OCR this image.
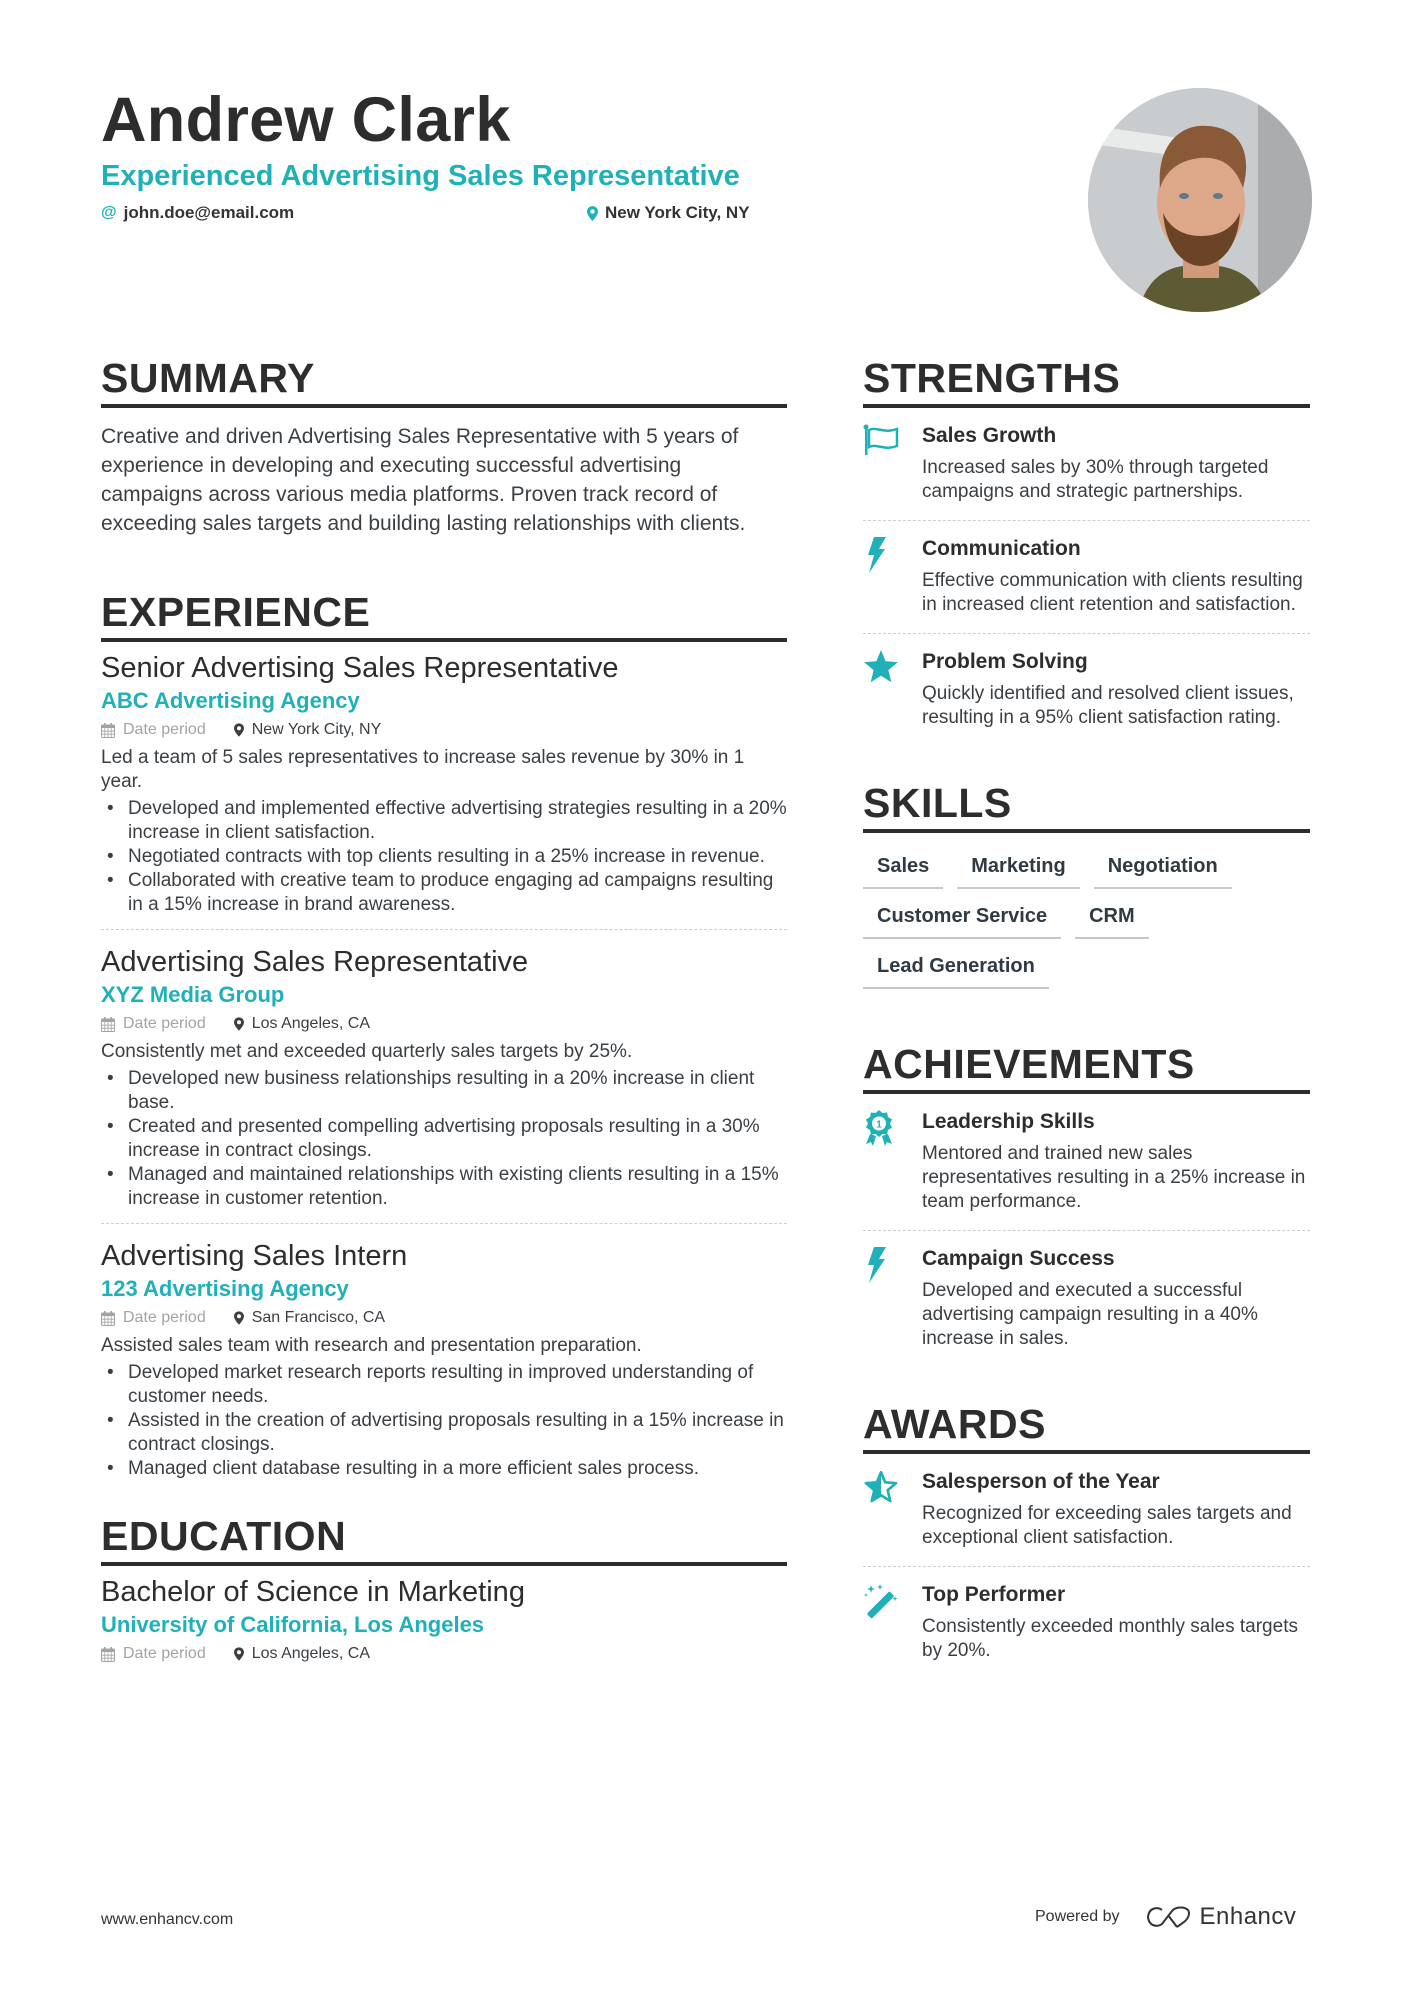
Andrew Clark
Experienced Advertising Sales Representative
@ john.doe@email.com	New York City, NY
SUMMARY
Creative and driven Advertising Sales Representative with 5 years of experience in developing and executing successful advertising campaigns across various media platforms. Proven track record of exceeding sales targets and building lasting relationships with clients.
EXPERIENCE
Senior Advertising Sales Representative
ABC Advertising Agency
Date period	New York City, NY
Led a team of 5 sales representatives to increase sales revenue by 30% in 1 year.
• Developed and implemented effective advertising strategies resulting in a 20% increase in client satisfaction.
• Negotiated contracts with top clients resulting in a 25% increase in revenue.
• Collaborated with creative team to produce engaging ad campaigns resulting in a 15% increase in brand awareness.
Advertising Sales Representative
XYZ Media Group
Date period	Los Angeles, CA
Consistently met and exceeded quarterly sales targets by 25%.
• Developed new business relationships resulting in a 20% increase in client base.
• Created and presented compelling advertising proposals resulting in a 30% increase in contract closings.
• Managed and maintained relationships with existing clients resulting in a 15% increase in customer retention.
Advertising Sales Intern
123 Advertising Agency
Date period	San Francisco, CA
Assisted sales team with research and presentation preparation.
• Developed market research reports resulting in improved understanding of customer needs.
• Assisted in the creation of advertising proposals resulting in a 15% increase in contract closings.
• Managed client database resulting in a more efficient sales process.
EDUCATION
Bachelor of Science in Marketing
University of California, Los Angeles
Date period	Los Angeles, CA
STRENGTHS
Sales Growth
Increased sales by 30% through targeted campaigns and strategic partnerships.
Communication
Effective communication with clients resulting in increased client retention and satisfaction.
Problem Solving
Quickly identified and resolved client issues, resulting in a 95% client satisfaction rating.
SKILLS
Sales	Marketing	Negotiation
Customer Service	CRM
Lead Generation
ACHIEVEMENTS
1 Leadership Skills
Mentored and trained new sales representatives resulting in a 25% increase in team performance.
Campaign Success
Developed and executed a successful advertising campaign resulting in a 40% increase in sales.
AWARDS
Salesperson of the Year
Recognized for exceeding sales targets and exceptional client satisfaction.
Top Performer
Consistently exceeded monthly sales targets by 20%.
www.enhancv.com	Powered by	Enhancv
